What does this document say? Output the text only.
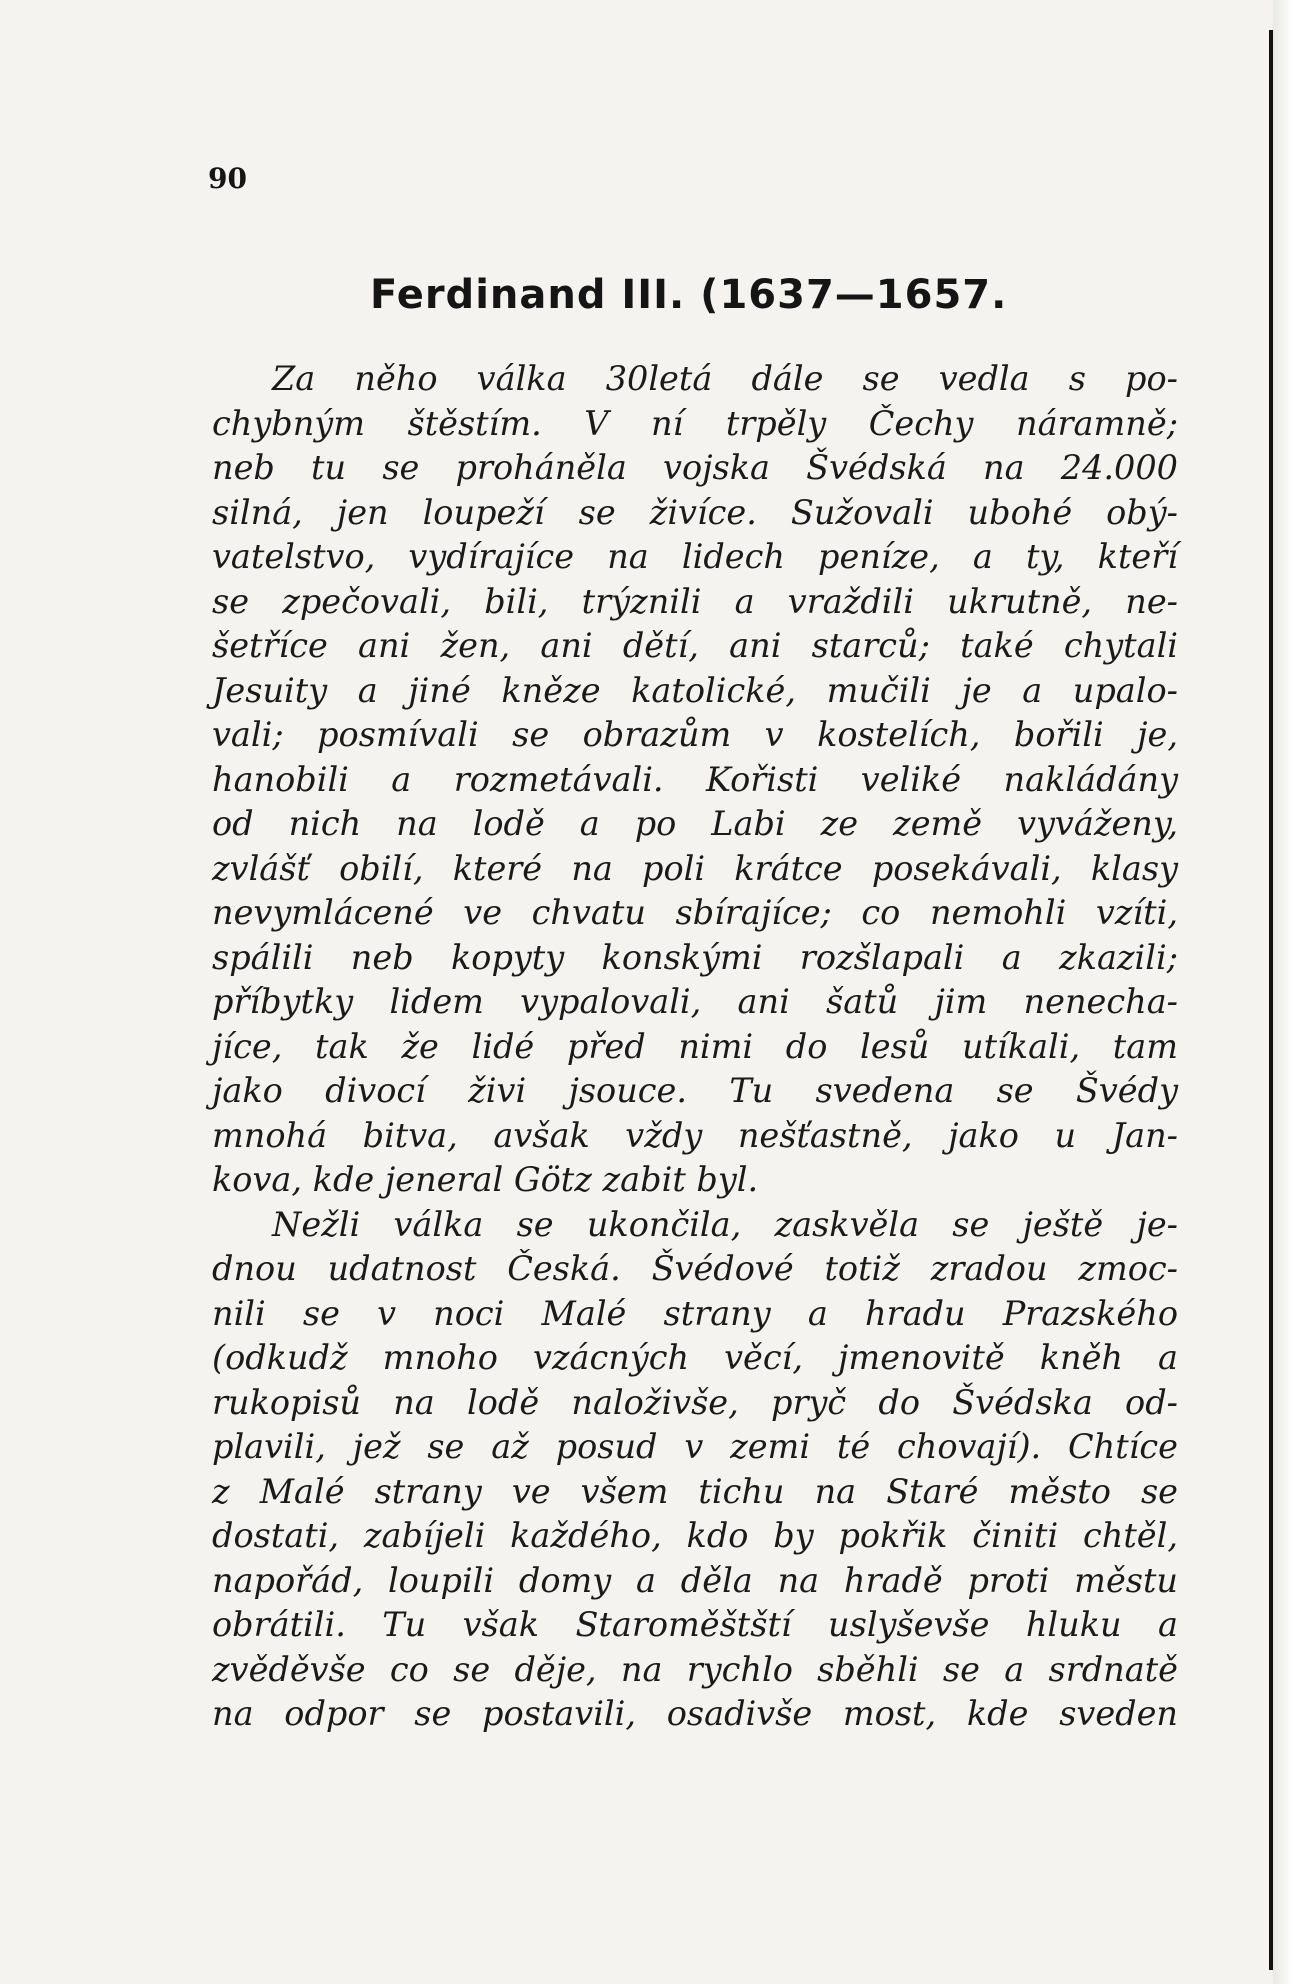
90
Ferdinand III. (1637—1657.
Za něho válka 30letá dále se vedla s po-
chybným štěstím. V ní trpěly Čechy náramně;
neb tu se proháněla vojska Švédská na 24.000
silná, jen loupeží se živíce. Sužovali ubohé obý-
vatelstvo, vydírajíce na lidech peníze, a ty, kteří
se zpečovali, bili, trýznili a vraždili ukrutně, ne-
šetříce ani žen, ani dětí, ani starců; také chytali
Jesuity a jiné kněze katolické, mučili je a upalo-
vali; posmívali se obrazům v kostelích, bořili je,
hanobili a rozmetávali. Kořisti veliké nakládány
od nich na lodě a po Labi ze země vyváženy,
zvlášť obilí, které na poli krátce posekávali, klasy
nevymlácené ve chvatu sbírajíce; co nemohli vzíti,
spálili neb kopyty konskými rozšlapali a zkazili;
příbytky lidem vypalovali, ani šatů jim nenecha-
jíce, tak že lidé před nimi do lesů utíkali, tam
jako divocí živi jsouce. Tu svedena se Švédy
mnohá bitva, avšak vždy nešťastně, jako u Jan-
kova, kde jeneral Götz zabit byl.
Nežli válka se ukončila, zaskvěla se ještě je-
dnou udatnost Česká. Švédové totiž zradou zmoc-
nili se v noci Malé strany a hradu Prazského
(odkudž mnoho vzácných věcí, jmenovitě kněh a
rukopisů na lodě naloživše, pryč do Švédska od-
plavili, jež se až posud v zemi té chovají). Chtíce
z Malé strany ve všem tichu na Staré město se
dostati, zabíjeli každého, kdo by pokřik činiti chtěl,
napořád, loupili domy a děla na hradě proti městu
obrátili. Tu však Staroměštští uslyševše hluku a
zvěděvše co se děje, na rychlo sběhli se a srdnatě
na odpor se postavili, osadivše most, kde sveden
